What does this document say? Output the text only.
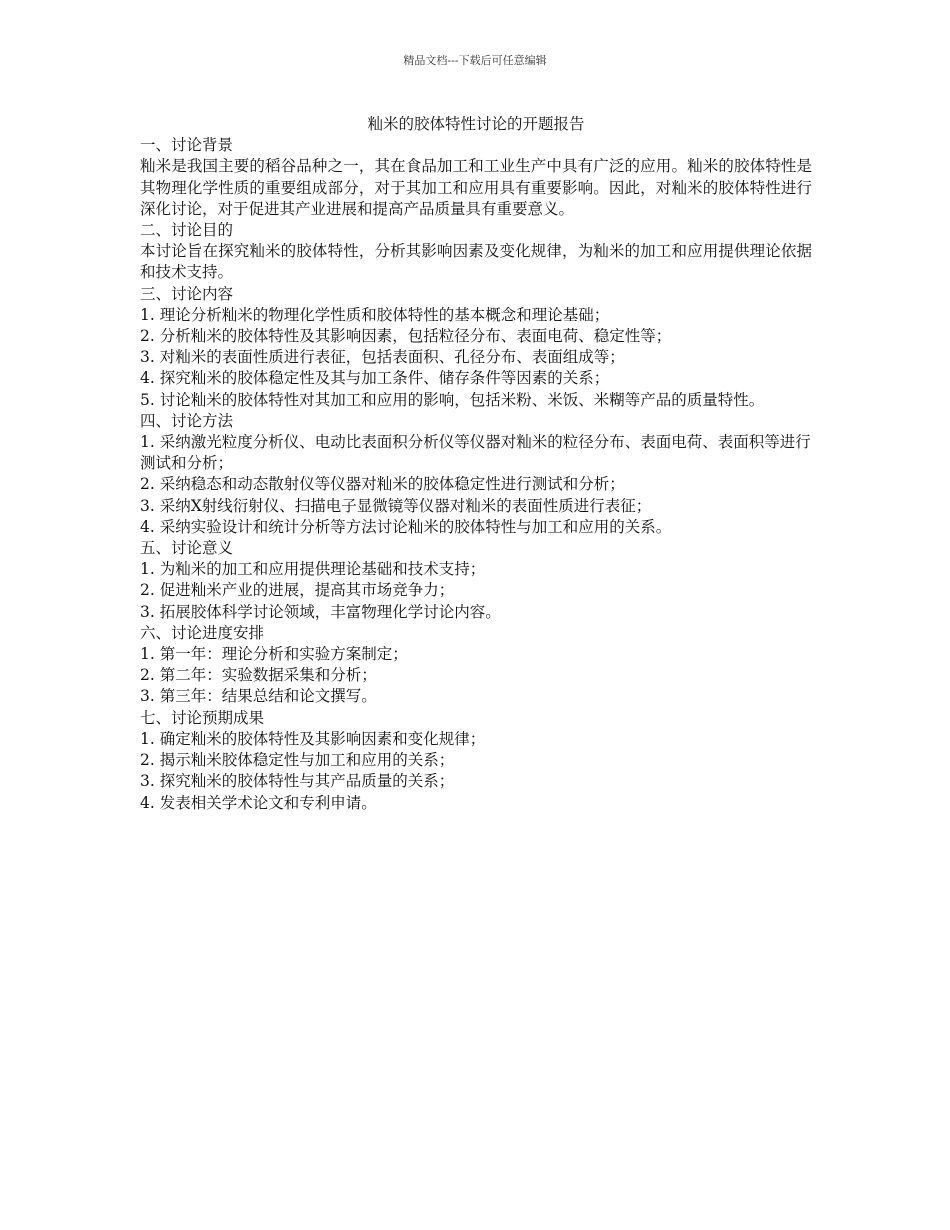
精品文档---下载后可任意编辑
籼米的胶体特性讨论的开题报告
一、讨论背景

籼米是我国主要的稻谷品种之一，其在食品加工和工业生产中具有广泛的应用。籼米的胶体特性是其物理化学性质的重要组成部分，对于其加工和应用具有重要影响。因此，对籼米的胶体特性进行深化讨论，对于促进其产业进展和提高产品质量具有重要意义。

二、讨论目的

本讨论旨在探究籼米的胶体特性，分析其影响因素及变化规律，为籼米的加工和应用提供理论依据和技术支持。

三、讨论内容
1. 理论分析籼米的物理化学性质和胶体特性的基本概念和理论基础；
2. 分析籼米的胶体特性及其影响因素，包括粒径分布、表面电荷、稳定性等；
3. 对籼米的表面性质进行表征，包括表面积、孔径分布、表面组成等；
4. 探究籼米的胶体稳定性及其与加工条件、储存条件等因素的关系；
5. 讨论籼米的胶体特性对其加工和应用的影响，包括米粉、米饭、米糊等产品的质量特性。
四、讨论方法
1. 采纳激光粒度分析仪、电动比表面积分析仪等仪器对籼米的粒径分布、表面电荷、表面积等进行测试和分析；
2. 采纳稳态和动态散射仪等仪器对籼米的胶体稳定性进行测试和分析；
3. 采纳X射线衍射仪、扫描电子显微镜等仪器对籼米的表面性质进行表征；
4. 采纳实验设计和统计分析等方法讨论籼米的胶体特性与加工和应用的关系。
五、讨论意义
1. 为籼米的加工和应用提供理论基础和技术支持；
2. 促进籼米产业的进展，提高其市场竞争力；
3. 拓展胶体科学讨论领域，丰富物理化学讨论内容。
六、讨论进度安排
1. 第一年：理论分析和实验方案制定；
2. 第二年：实验数据采集和分析；
3. 第三年：结果总结和论文撰写。
七、讨论预期成果
1. 确定籼米的胶体特性及其影响因素和变化规律；
2. 揭示籼米胶体稳定性与加工和应用的关系；
3. 探究籼米的胶体特性与其产品质量的关系；
4. 发表相关学术论文和专利申请。
